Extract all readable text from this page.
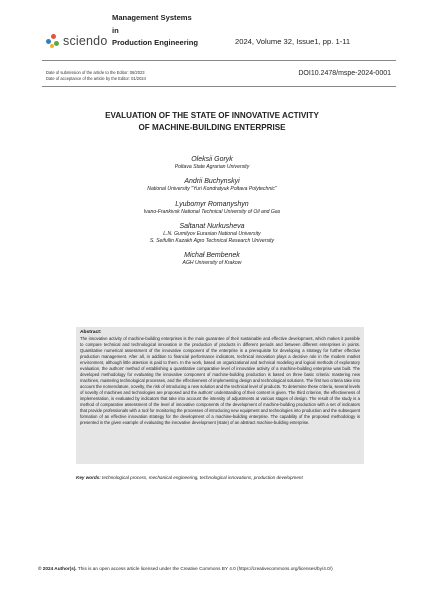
sciendo
Management Systems
in
Production Engineering	2024, Volume 32, Issue1, pp. 1-11
Date of submission of the article to the Editor: 06/2023
Date of acceptance of the article by the Editor: 01/2024
DOI10.2478/mspe-2024-0001
EVALUATION OF THE STATE OF INNOVATIVE ACTIVITY
OF MACHINE-BUILDING ENTERPRISE
Oleksii Goryk
Poltava State Agrarian University
Andrii Buchynskyi
National University "Yuri Kondratyuk Poltava Polytechnic"
Lyubomyr Romanyshyn
Ivano-Frankivsk National Technical University of Oil and Gas
Saltanat Nurkusheva
L.N. Gumilyov Eurasian National University
S. Seifullin Kazakh Agro Technical Research University
Michał Bembenek
AGH University of Krakow
Abstract:
The innovative activity of machine-building enterprises is the main guarantee of their sustainable and effective development, which makes it possible to compare technical and technological innovation in the production of products in different periods and between different enterprises in points. Quantitative numerical assessment of the innovative component of the enterprise is a prerequisite for developing a strategy for further effective production management. After all, in addition to financial performance indicators, technical innovation plays a decisive role in the modern market environment, although little attention is paid to them. In the work, based on organizational and technical modeling and logical methods of exploratory evaluation, the authors' method of establishing a quantitative comparative level of innovative activity of a machine-building enterprise was built. The developed methodology for evaluating the innovative component of machine-building production is based on three basic criteria: mastering new machines, mastering technological processes, and the effectiveness of implementing design and technological solutions. The first two criteria take into account the nomenclature, novelty, the risk of introducing a new solution and the technical level of products. To determine these criteria, several levels of novelty of machines and technologies are proposed and the authors' understanding of their content is given. The third criterion, the effectiveness of implementation, is evaluated by indicators that take into account the intensity of adjustments at various stages of design. The result of the study is a method of comparative assessment of the level of innovative components of the development of machine-building production with a set of indicators that provide professionals with a tool for monitoring the processes of introducing new equipment and technologies into production and the subsequent formation of an effective innovation strategy for the development of a machine-building enterprise. The capability of the proposed methodology is presented in the given example of evaluating the innovative development (state) of an abstract machine-building enterprise.
Key words: technological process, mechanical engineering, technological innovations, production development
© 2024 Author(s). This is an open access article licensed under the Creative Commons BY 4.0 (https://creativecommons.org/licenses/by/4.0/)
